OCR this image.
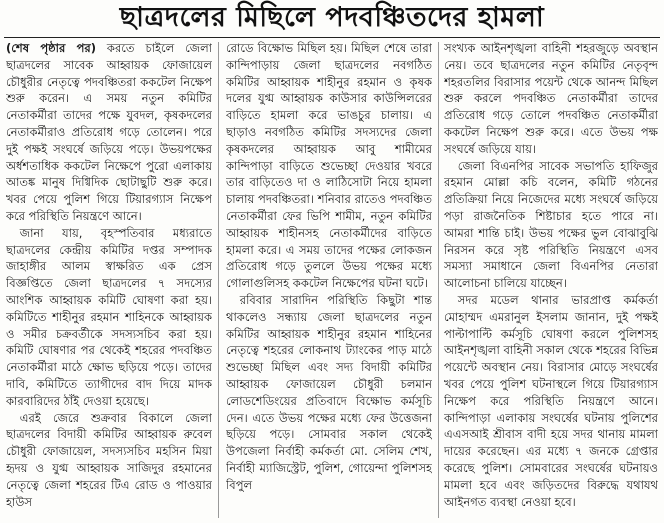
ছাত্রদলের মিছিলে পদবঞ্চিতদের হামলা

(শেষ পৃষ্ঠার পর) করতে চাইলে জেলা ছাত্রদলের সাবেক আহ্বায়ক ফোজায়েল চৌধুরীর নেতৃত্বে পদবঞ্চিতরা ককটেল নিক্ষেপ শুরু করেন। এ সময় নতুন কমিটির নেতাকর্মীরা তাদের পক্ষে যুবদল, কৃষকদলের নেতাকর্মীরাও প্রতিরোধ গড়ে তোলেন। পরে দুই পক্ষই সংঘর্ষে জড়িয়ে পড়ে। উভয়পক্ষের অর্ধশতাধিক ককটেল নিক্ষেপে পুরো এলাকায় আতঙ্ক মানুষ দিগ্বিদিক ছোটাছুটি শুরু করে। খবর পেয়ে পুলিশ গিয়ে টিয়ারগ্যাস নিক্ষেপ করে পরিস্থিতি নিয়ন্ত্রণে আনে।

জানা যায়, বৃহস্পতিবার মধ্যরাতে ছাত্রদলের কেন্দ্রীয় কমিটির দপ্তর সম্পাদক জাহাঙ্গীর আলম স্বাক্ষরিত এক প্রেস বিজ্ঞপ্তিতে জেলা ছাত্রদলের ৭ সদস্যের আংশিক আহ্বায়ক কমিটি ঘোষণা করা হয়। কমিটিতে শাহীনুর রহমান শাহিনকে আহ্বায়ক ও সমীর চক্রবর্তীকে সদস্যসচিব করা হয়। কমিটি ঘোষণার পর থেকেই শহরের পদবঞ্চিত নেতাকর্মীরা মাঠে ক্ষোভ ছড়িয়ে পড়ে। তাদের দাবি, কমিটিতে ত্যাগীদের বাদ দিয়ে মাদক কারবারিদের ঠাঁই দেওয়া হয়েছে।

এরই জেরে শুক্রবার বিকালে জেলা ছাত্রদলের বিদায়ী কমিটির আহ্বায়ক রুবেল চৌধুরী ফোজায়েল, সদস্যসচিব মহসিন মিয়া হৃদয় ও যুগ্ম আহ্বায়ক সাজিদুর রহমানের নেতৃত্বে জেলা শহরের টিএ রোড ও পাওয়ার হাউস

রোডে বিক্ষোভ মিছিল হয়। মিছিল শেষে তারা কান্দিপাড়ায় জেলা ছাত্রদলের নবগঠিত কমিটির আহ্বায়ক শাহীনুর রহমান ও কৃষক দলের যুগ্ম আহ্বায়ক কাউসার কাউন্সিলরের বাড়িতে হামলা করে ভাঙচুর চালায়। এ ছাড়াও নবগঠিত কমিটির সদস্যদের জেলা কৃষকদলের আহ্বায়ক আবু শামীমের কান্দিপাড়া বাড়িতে শুভেচ্ছা দেওয়ার খবরে তার বাড়িতেও দা ও লাঠিসোটা নিয়ে হামলা চালায় পদবঞ্চিতরা। শনিবার রাতেও পদবঞ্চিত নেতাকর্মীরা ফের ভিপি শামীম, নতুন কমিটির আহ্বায়ক শাহীনসহ নেতাকর্মীদের বাড়িতে হামলা করে। এ সময় তাদের পক্ষের লোকজন প্রতিরোধ গড়ে তুললে উভয় পক্ষের মধ্যে গোলাগুলিসহ ককটেল নিক্ষেপের ঘটনা ঘটে।

রবিবার সারাদিন পরিস্থিতি কিছুটা শান্ত থাকলেও সন্ধ্যায় জেলা ছাত্রদলের নতুন কমিটির আহ্বায়ক শাহীনুর রহমান শাহিনের নেতৃত্বে শহরের লোকনাথ ট্যাংকের পাড় মাঠে শুভেচ্ছা মিছিল এবং সদ্য বিদায়ী কমিটির আহ্বায়ক ফোজায়েল চৌধুরী চলমান লোডশেডিংয়ের প্রতিবাদে বিক্ষোভ কর্মসূচি দেন। এতে উভয় পক্ষের মধ্যে ফের উত্তেজনা ছড়িয়ে পড়ে। সোমবার সকাল থেকেই উপজেলা নির্বাহী কর্মকর্তা মো. সেলিম শেখ, নির্বাহী ম্যাজিস্ট্রেট, পুলিশ, গোয়েন্দা পুলিশসহ বিপুল

সংখ্যক আইনশৃঙ্খলা বাহিনী শহরজুড়ে অবস্থান নেয়। তবে ছাত্রদলের নতুন কমিটির নেতৃবৃন্দ শহরতলির বিরাসার পয়েন্ট থেকে আনন্দ মিছিল শুরু করলে পদবঞ্চিত নেতাকর্মীরা তাদের প্রতিরোধ গড়ে তোলে পদবঞ্চিত নেতাকর্মীরা ককটেল নিক্ষেপ শুরু করে। এতে উভয় পক্ষ সংঘর্ষে জড়িয়ে যায়।

জেলা বিএনপির সাবেক সভাপতি হাফিজুর রহমান মোল্লা কচি বলেন, কমিটি গঠনের প্রতিক্রিয়া নিয়ে নিজেদের মধ্যে সংঘর্ষে জড়িয়ে পড়া রাজনৈতিক শিষ্টাচার হতে পারে না। আমরা শান্তি চাই। উভয় পক্ষের ভুল বোঝাবুঝি নিরসন করে সৃষ্ট পরিস্থিতি নিয়ন্ত্রণে এসব সমস্যা সমাধানে জেলা বিএনপির নেতারা আলোচনা চালিয়ে যাচ্ছেন।

সদর মডেল থানার ভারপ্রাপ্ত কর্মকর্তা মোহাম্মদ এমরানুল ইসলাম জানান, দুই পক্ষই পাল্টাপাল্টি কর্মসূচি ঘোষণা করলে পুলিশসহ আইনশৃঙ্খলা বাহিনী সকাল থেকে শহরের বিভিন্ন পয়েন্টে অবস্থান নেয়। বিরাসার মোড়ে সংঘর্ষের খবর পেয়ে পুলিশ ঘটনাস্থলে গিয়ে টিয়ারগ্যাস নিক্ষেপ করে পরিস্থিতি নিয়ন্ত্রণে আনে। কান্দিপাড়া এলাকায় সংঘর্ষের ঘটনায় পুলিশের এএসআই শ্রীবাস বাদী হয়ে সদর থানায় মামলা দায়ের করেছেন। এর মধ্যে ৭ জনকে গ্রেপ্তার করেছে পুলিশ। সোমবারের সংঘর্ষের ঘটনায়ও মামলা হবে এবং জড়িতদের বিরুদ্ধে যথাযথ আইনগত ব্যবস্থা নেওয়া হবে।
